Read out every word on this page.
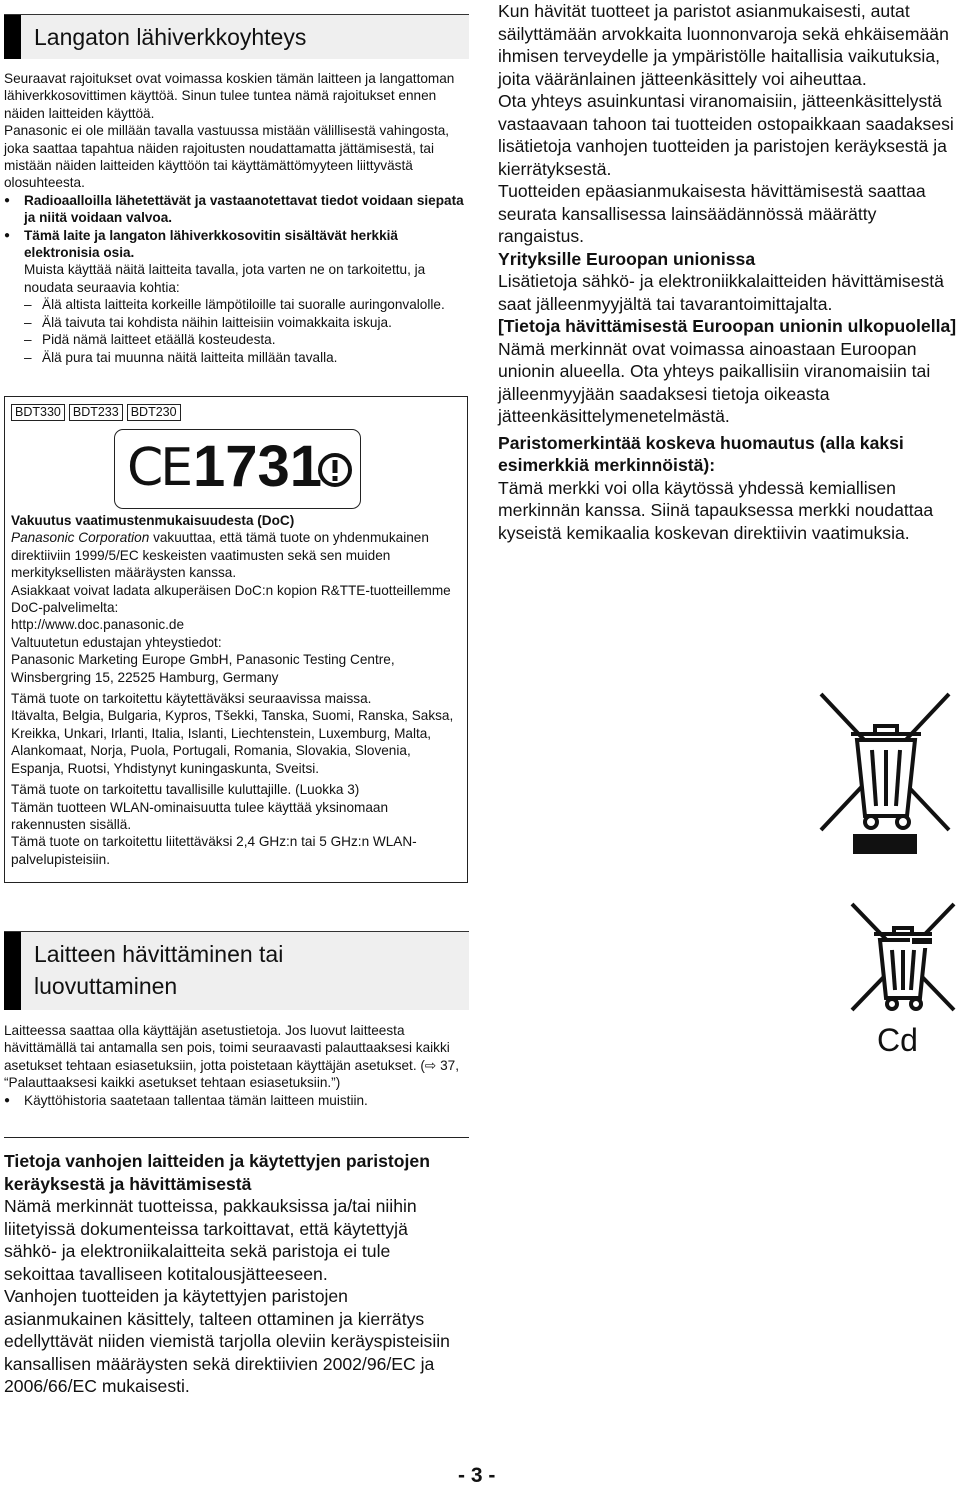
Langaton lähiverkkoyhteys

Seuraavat rajoitukset ovat voimassa koskien tämän laitteen ja langattoman lähiverkkosovittimen käyttöä. Sinun tulee tuntea nämä rajoitukset ennen näiden laitteiden käyttöä.

Panasonic ei ole millään tavalla vastuussa mistään välillisestä vahingosta, joka saattaa tapahtua näiden rajoitusten noudattamatta jättämisestä, tai mistään näiden laitteiden käyttöön tai käyttämättömyyteen liittyvästä olosuhteesta.

● Radioaalloilla lähetettävät ja vastaanotettavat tiedot voidaan siepata ja niitä voidaan valvoa.

● Tämä laite ja langaton lähiverkkosovitin sisältävät herkkiä elektronisia osia.

Muista käyttää näitä laitteita tavalla, jota varten ne on tarkoitettu, ja noudata seuraavia kohtia:

– Älä altista laitteita korkeille lämpötiloille tai suoralle auringonvalolle.

– Älä taivuta tai kohdista näihin laitteisiin voimakkaita iskuja.

– Pidä nämä laitteet etäällä kosteudesta.

– Älä pura tai muunna näitä laitteita millään tavalla.

BDT330 BDT233 BDT230
CE 1731

Vakuutus vaatimustenmukaisuudesta (DoC)

Panasonic Corporation vakuuttaa, että tämä tuote on yhdenmukainen direktiiviin 1999/5/EC keskeisten vaatimusten sekä sen muiden merkityksellisten määräysten kanssa.

Asiakkaat voivat ladata alkuperäisen DoC:n kopion R&TTE-tuotteillemme DoC-palvelimelta:

http://www.doc.panasonic.de

Valtuutetun edustajan yhteystiedot:

Panasonic Marketing Europe GmbH, Panasonic Testing Centre, Winsbergring 15, 22525 Hamburg, Germany

Tämä tuote on tarkoitettu käytettäväksi seuraavissa maissa.

Itävalta, Belgia, Bulgaria, Kypros, Tšekki, Tanska, Suomi, Ranska, Saksa, Kreikka, Unkari, Irlanti, Italia, Islanti, Liechtenstein, Luxemburg, Malta, Alankomaat, Norja, Puola, Portugali, Romania, Slovakia, Slovenia, Espanja, Ruotsi, Yhdistynyt kuningaskunta, Sveitsi.

Tämä tuote on tarkoitettu tavallisille kuluttajille. (Luokka 3)

Tämän tuotteen WLAN-ominaisuutta tulee käyttää yksinomaan rakennusten sisällä.

Tämä tuote on tarkoitettu liitettäväksi 2,4 GHz:n tai 5 GHz:n WLAN-palvelupisteisiin.

Laitteen hävittäminen tai
luovuttaminen

Laitteessa saattaa olla käyttäjän asetustietoja. Jos luovut laitteesta hävittämällä tai antamalla sen pois, toimi seuraavasti palauttaaksesi kaikki asetukset tehtaan esiasetuksiin, jotta poistetaan käyttäjän asetukset. (⇨ 37, “Palauttaaksesi kaikki asetukset tehtaan esiasetuksiin.”)

● Käyttöhistoria saatetaan tallentaa tämän laitteen muistiin.

Tietoja vanhojen laitteiden ja käytettyjen paristojen keräyksestä ja hävittämisestä

Nämä merkinnät tuotteissa, pakkauksissa ja/tai niihin liitetyissä dokumenteissa tarkoittavat, että käytettyjä sähkö- ja elektroniikalaitteita sekä paristoja ei tule sekoittaa tavalliseen kotitalousjätteeseen.

Vanhojen tuotteiden ja käytettyjen paristojen asianmukainen käsittely, talteen ottaminen ja kierrätys edellyttävät niiden viemistä tarjolla oleviin keräyspisteisiin kansallisen määräysten sekä direktiivien 2002/96/EC ja 2006/66/EC mukaisesti.

Kun hävität tuotteet ja paristot asianmukaisesti, autat säilyttämään arvokkaita luonnonvaroja sekä ehkäisemään ihmisen terveydelle ja ympäristölle haitallisia vaikutuksia, joita vääränlainen jätteenkäsittely voi aiheuttaa.

Ota yhteys asuinkuntasi viranomaisiin, jätteenkäsittelystä vastaavaan tahoon tai tuotteiden ostopaikkaan saadaksesi lisätietoja vanhojen tuotteiden ja paristojen keräyksestä ja kierrätyksestä.

Tuotteiden epäasianmukaisesta hävittämisestä saattaa seurata kansallisessa lainsäädännössä määrätty rangaistus.

Yrityksille Euroopan unionissa

Lisätietoja sähkö- ja elektroniikkalaitteiden hävittämisestä saat jälleenmyyjältä tai tavarantoimittajalta.

[Tietoja hävittämisestä Euroopan unionin ulkopuolella]

Nämä merkinnät ovat voimassa ainoastaan Euroopan unionin alueella. Ota yhteys paikallisiin viranomaisiin tai jälleenmyyjään saadaksesi tietoja oikeasta jätteenkäsittelymenetelmästä.

Paristomerkintää koskeva huomautus (alla kaksi esimerkkiä merkinnöistä):

Tämä merkki voi olla käytössä yhdessä kemiallisen merkinnän kanssa. Siinä tapauksessa merkki noudattaa kyseistä kemikaalia koskevan direktiivin vaatimuksia.

Cd
- 3 -
